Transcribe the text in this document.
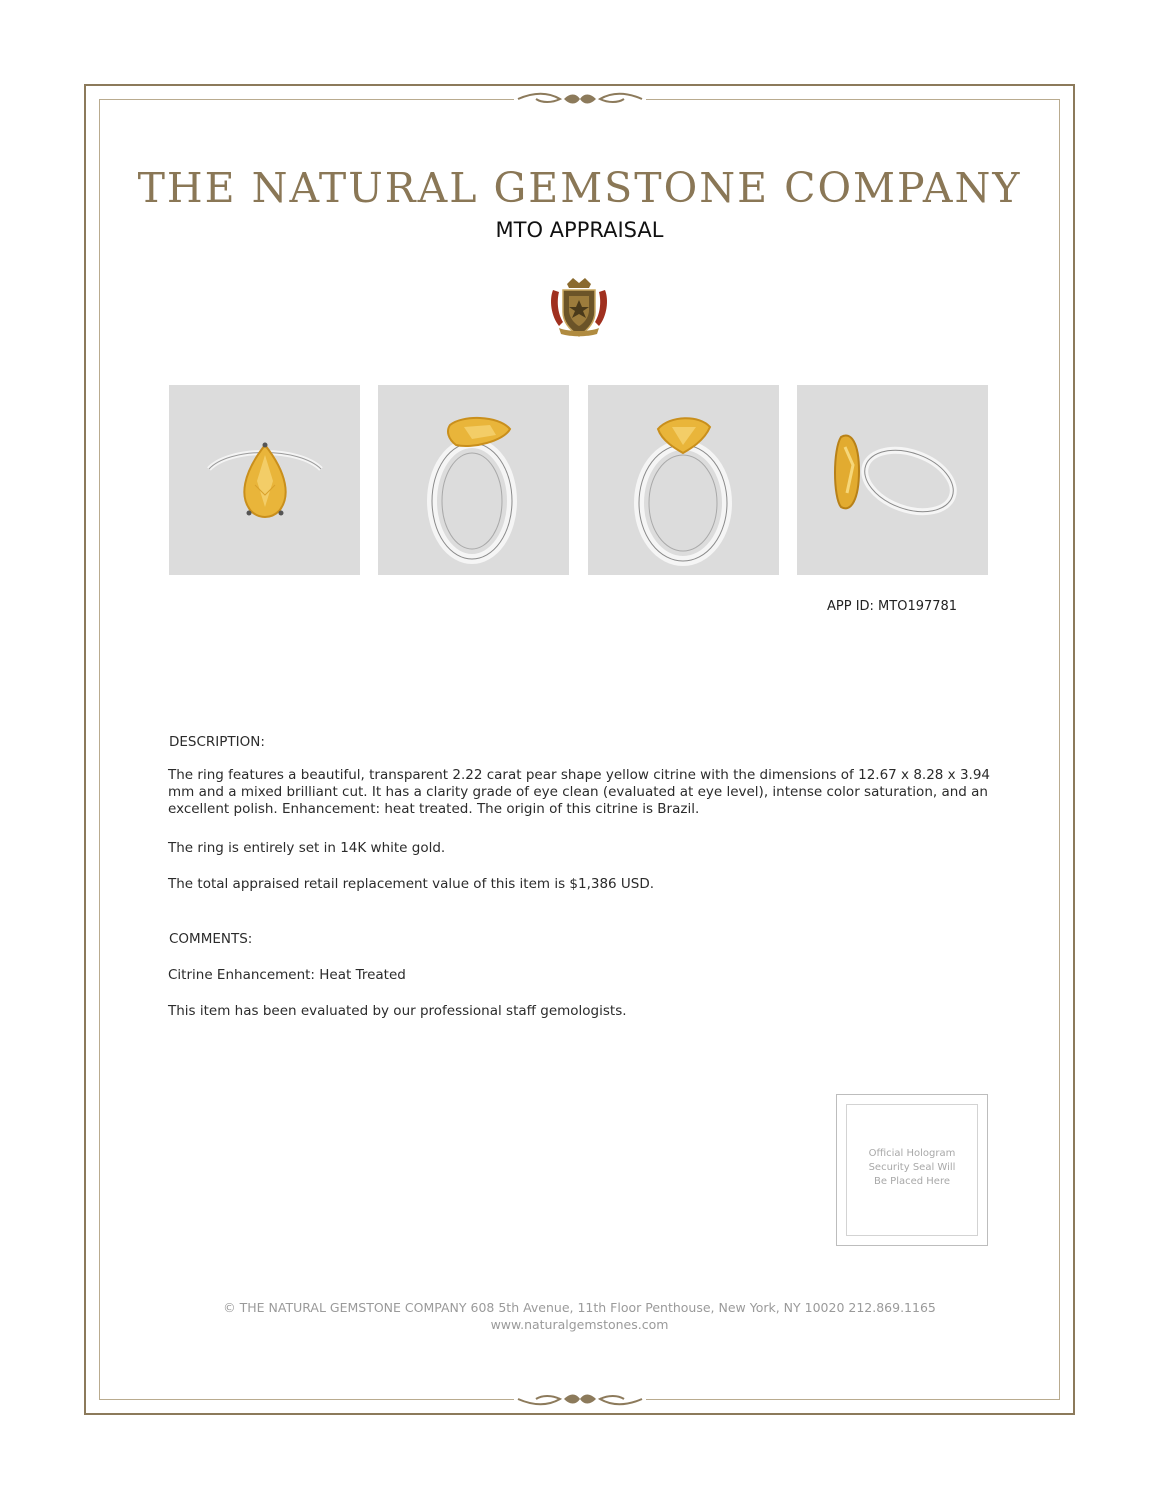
THE NATURAL GEMSTONE COMPANY
MTO APPRAISAL
APP ID: MTO197781
DESCRIPTION:

The ring features a beautiful, transparent 2.22 carat pear shape yellow citrine with the dimensions of 12.67 x 8.28 x 3.94 mm and a mixed brilliant cut. It has a clarity grade of eye clean (evaluated at eye level), intense color saturation, and an excellent polish. Enhancement: heat treated. The origin of this citrine is Brazil.

The ring is entirely set in 14K white gold.

The total appraised retail replacement value of this item is $1,386 USD.

COMMENTS:

Citrine Enhancement: Heat Treated

This item has been evaluated by our professional staff gemologists.

Official Hologram
Security Seal Will
Be Placed Here
© THE NATURAL GEMSTONE COMPANY 608 5th Avenue, 11th Floor Penthouse, New York, NY 10020 212.869.1165
www.naturalgemstones.com
